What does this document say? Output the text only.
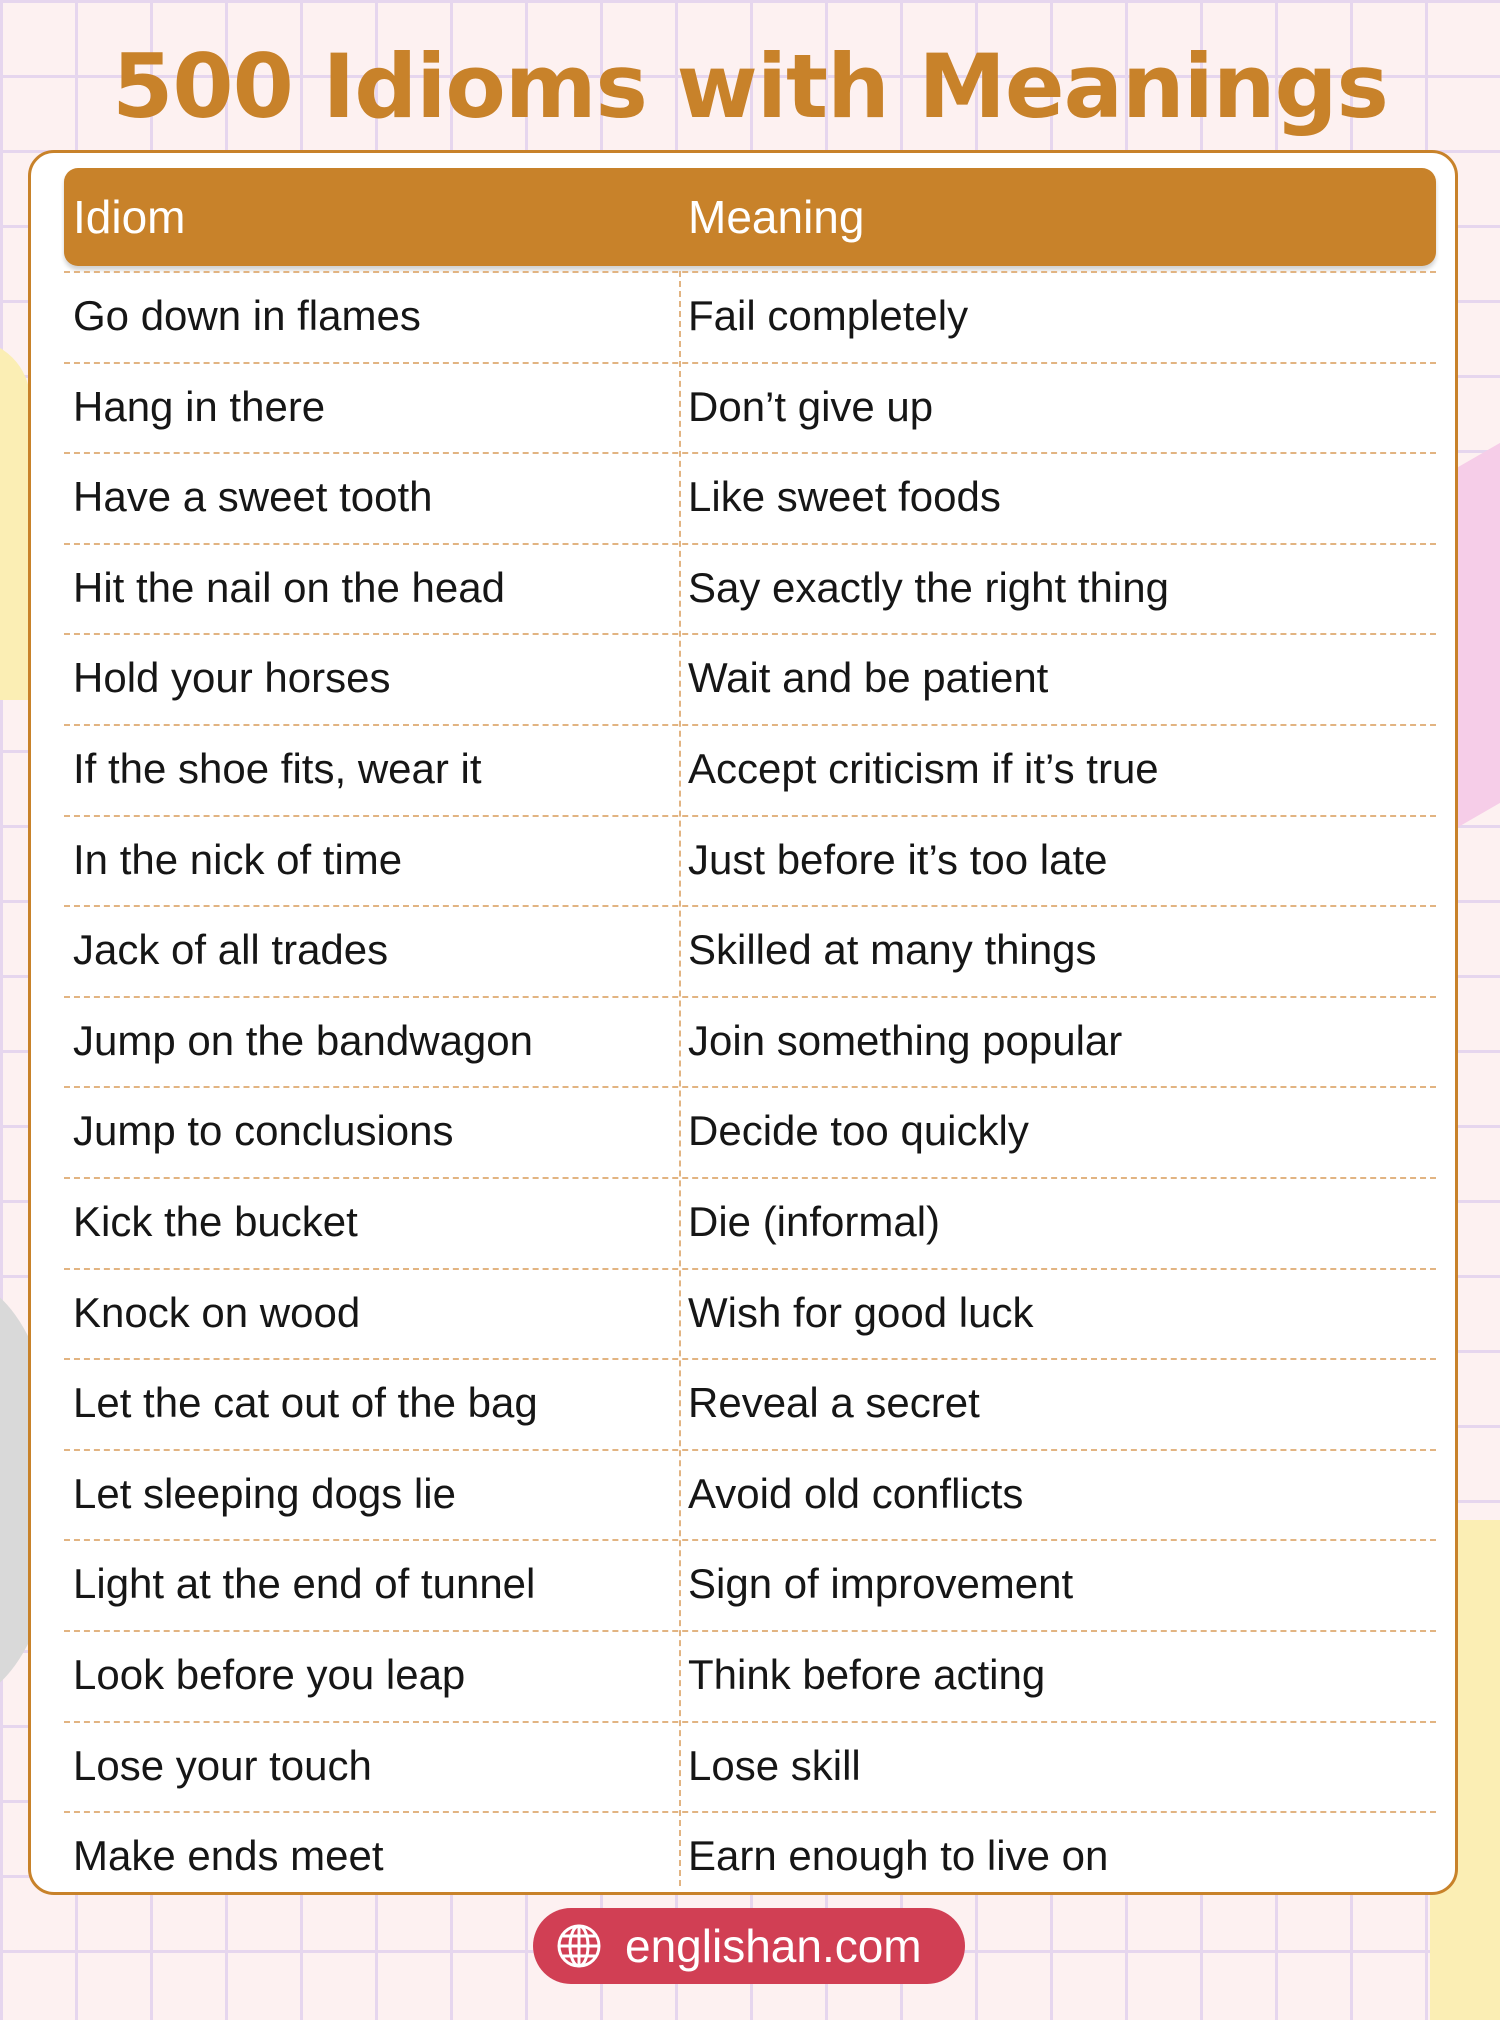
500 Idioms with Meanings
Idiom	Meaning
Go down in flames	Fail completely
Hang in there	Don’t give up
Have a sweet tooth	Like sweet foods
Hit the nail on the head	Say exactly the right thing
Hold your horses	Wait and be patient
If the shoe fits, wear it	Accept criticism if it’s true
In the nick of time	Just before it’s too late
Jack of all trades	Skilled at many things
Jump on the bandwagon	Join something popular
Jump to conclusions	Decide too quickly
Kick the bucket	Die (informal)
Knock on wood	Wish for good luck
Let the cat out of the bag	Reveal a secret
Let sleeping dogs lie	Avoid old conflicts
Light at the end of tunnel	Sign of improvement
Look before you leap	Think before acting
Lose your touch	Lose skill
Make ends meet	Earn enough to live on
englishan.com
